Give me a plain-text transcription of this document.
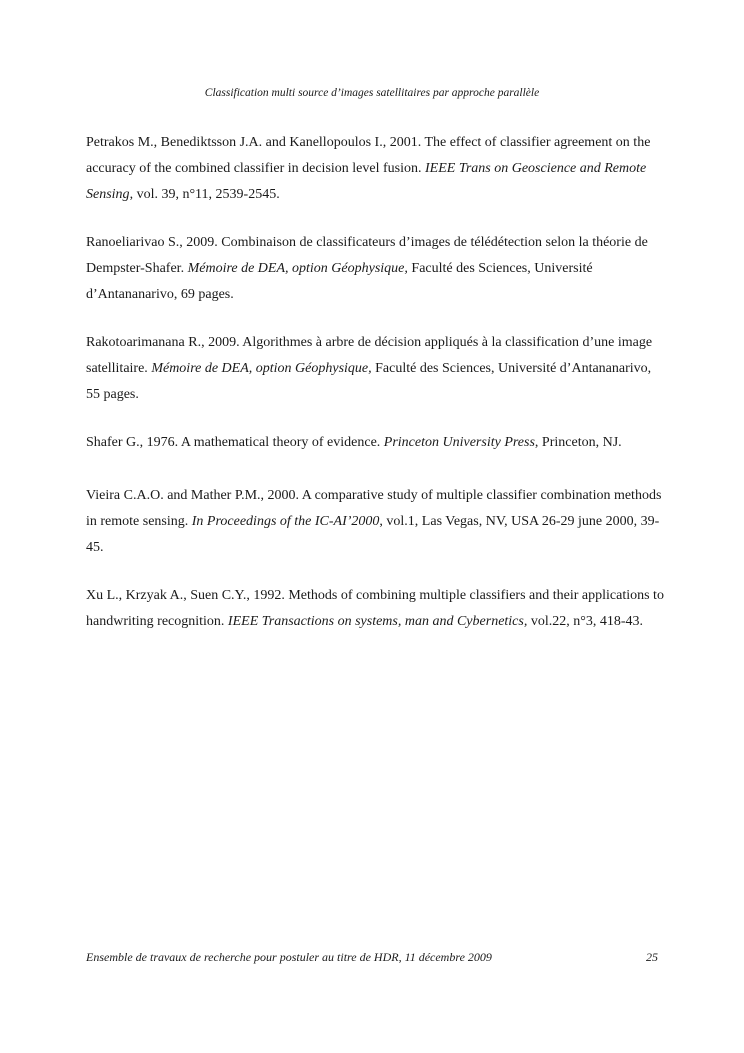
Classification multi source d’images satellitaires par approche parallèle

Petrakos M., Benediktsson J.A. and Kanellopoulos I., 2001. The effect of classifier agreement on the accuracy of the combined classifier in decision level fusion. IEEE Trans on Geoscience and Remote Sensing, vol. 39, n°11, 2539-2545.

Ranoeliarivao S., 2009. Combinaison de classificateurs d’images de télédétection selon la théorie de Dempster-Shafer. Mémoire de DEA, option Géophysique, Faculté des Sciences, Université d’Antananarivo, 69 pages.

Rakotoarimanana R., 2009. Algorithmes à arbre de décision appliqués à la classification d’une image satellitaire. Mémoire de DEA, option Géophysique, Faculté des Sciences, Université d’Antananarivo, 55 pages.

Shafer G., 1976. A mathematical theory of evidence. Princeton University Press, Princeton, NJ.

Vieira C.A.O. and Mather P.M., 2000. A comparative study of multiple classifier combination methods in remote sensing. In Proceedings of the IC-AI’2000, vol.1, Las Vegas, NV, USA 26-29 june 2000, 39-45.

Xu L., Krzyak A., Suen C.Y., 1992. Methods of combining multiple classifiers and their applications to handwriting recognition. IEEE Transactions on systems, man and Cybernetics, vol.22, n°3, 418-43.

Ensemble de travaux de recherche pour postuler au titre de HDR, 11 décembre 2009	25
